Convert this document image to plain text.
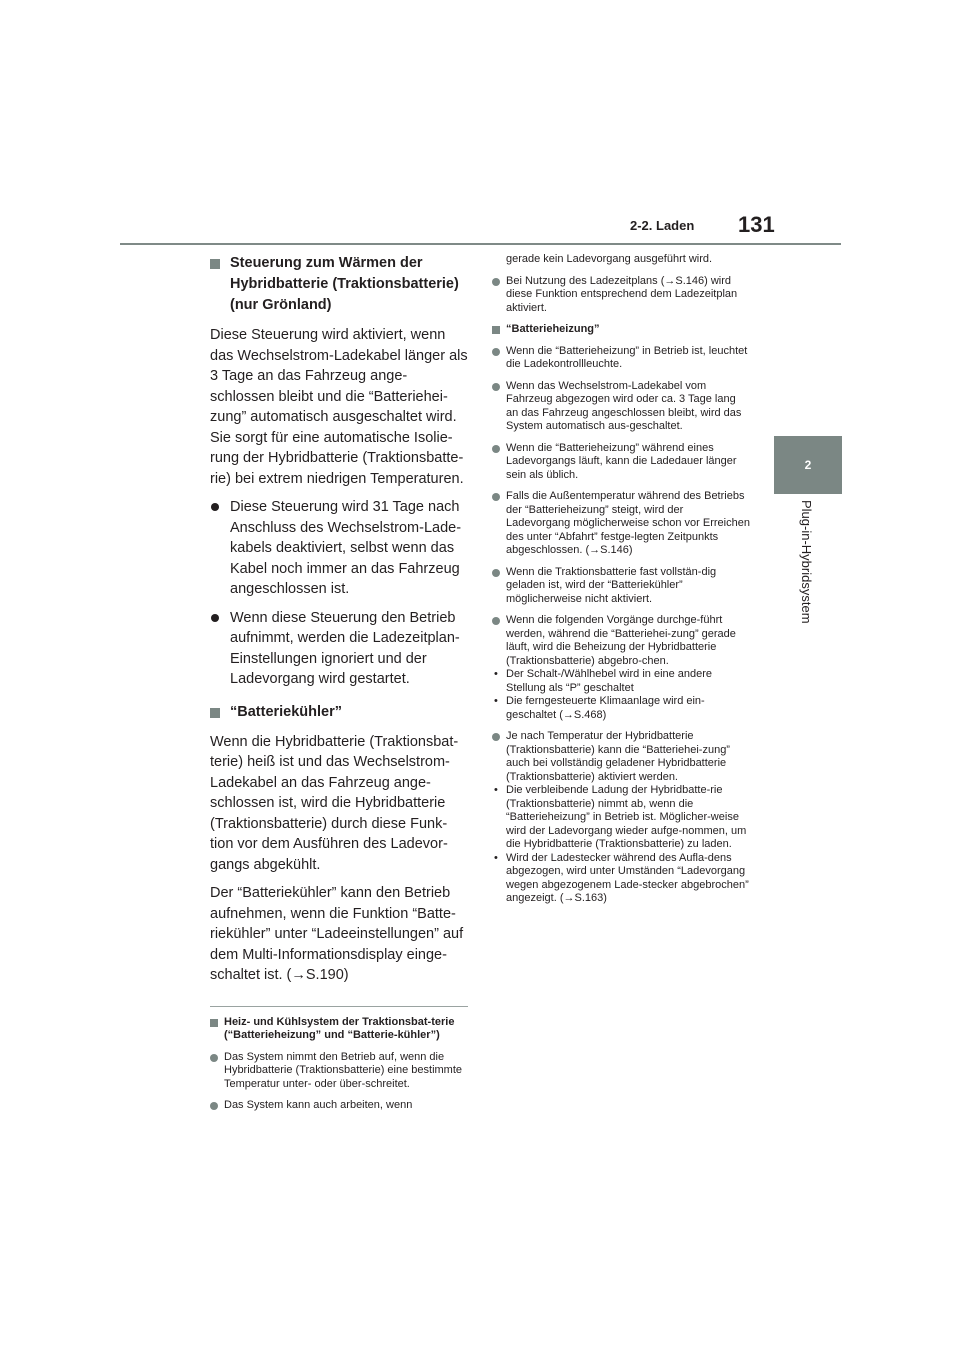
2-2. Laden 131
2
Plug-in-Hybridsystem
Steuerung zum Wärmen der Hybridbatterie (Traktionsbatterie) (nur Grönland)

Diese Steuerung wird aktiviert, wenn das Wechselstrom-Ladekabel länger als 3 Tage an das Fahrzeug ange-schlossen bleibt und die “Batteriehei-zung” automatisch ausgeschaltet wird. Sie sorgt für eine automatische Isolie-rung der Hybridbatterie (Traktionsbatte-rie) bei extrem niedrigen Temperaturen.

Diese Steuerung wird 31 Tage nach Anschluss des Wechselstrom-Lade-kabels deaktiviert, selbst wenn das Kabel noch immer an das Fahrzeug angeschlossen ist.
Wenn diese Steuerung den Betrieb aufnimmt, werden die Ladezeitplan-Einstellungen ignoriert und der Ladevorgang wird gestartet.
“Batteriekühler”

Wenn die Hybridbatterie (Traktionsbat-terie) heiß ist und das Wechselstrom-Ladekabel an das Fahrzeug ange-schlossen ist, wird die Hybridbatterie (Traktionsbatterie) durch diese Funk-tion vor dem Ausführen des Ladevor-gangs abgekühlt.

Der “Batteriekühler” kann den Betrieb aufnehmen, wenn die Funktion “Batte-riekühler” unter “Ladeeinstellungen” auf dem Multi-Informationsdisplay einge-schaltet ist. (→S.190)

Heiz- und Kühlsystem der Traktionsbat-terie (“Batterieheizung” und “Batterie-kühler”)
Das System nimmt den Betrieb auf, wenn die Hybridbatterie (Traktionsbatterie) eine bestimmte Temperatur unter- oder über-schreitet.
Das System kann auch arbeiten, wenn

gerade kein Ladevorgang ausgeführt wird.

Bei Nutzung des Ladezeitplans (→S.146) wird diese Funktion entsprechend dem Ladezeitplan aktiviert.
“Batterieheizung”
Wenn die “Batterieheizung” in Betrieb ist, leuchtet die Ladekontrollleuchte.
Wenn das Wechselstrom-Ladekabel vom Fahrzeug abgezogen wird oder ca. 3 Tage lang an das Fahrzeug angeschlossen bleibt, wird das System automatisch aus-geschaltet.
Wenn die “Batterieheizung” während eines Ladevorgangs läuft, kann die Ladedauer länger sein als üblich.
Falls die Außentemperatur während des Betriebs der “Batterieheizung” steigt, wird der Ladevorgang möglicherweise schon vor Erreichen des unter “Abfahrt” festge-legten Zeitpunkts abgeschlossen. (→S.146)
Wenn die Traktionsbatterie fast vollstän-dig geladen ist, wird der “Batteriekühler” möglicherweise nicht aktiviert.
Wenn die folgenden Vorgänge durchge-führt werden, während die “Batteriehei-zung” gerade läuft, wird die Beheizung der Hybridbatterie (Traktionsbatterie) abgebro-chen.
• Der Schalt-/Wählhebel wird in eine andere Stellung als “P” geschaltet
• Die ferngesteuerte Klimaanlage wird ein-geschaltet (→S.468)
Je nach Temperatur der Hybridbatterie (Traktionsbatterie) kann die “Batteriehei-zung” auch bei vollständig geladener Hybridbatterie (Traktionsbatterie) aktiviert werden.
• Die verbleibende Ladung der Hybridbatte-rie (Traktionsbatterie) nimmt ab, wenn die “Batterieheizung” in Betrieb ist. Möglicher-weise wird der Ladevorgang wieder aufge-nommen, um die Hybridbatterie (Traktionsbatterie) zu laden.
• Wird der Ladestecker während des Aufla-dens abgezogen, wird unter Umständen “Ladevorgang wegen abgezogenem Lade-stecker abgebrochen” angezeigt. (→S.163)
